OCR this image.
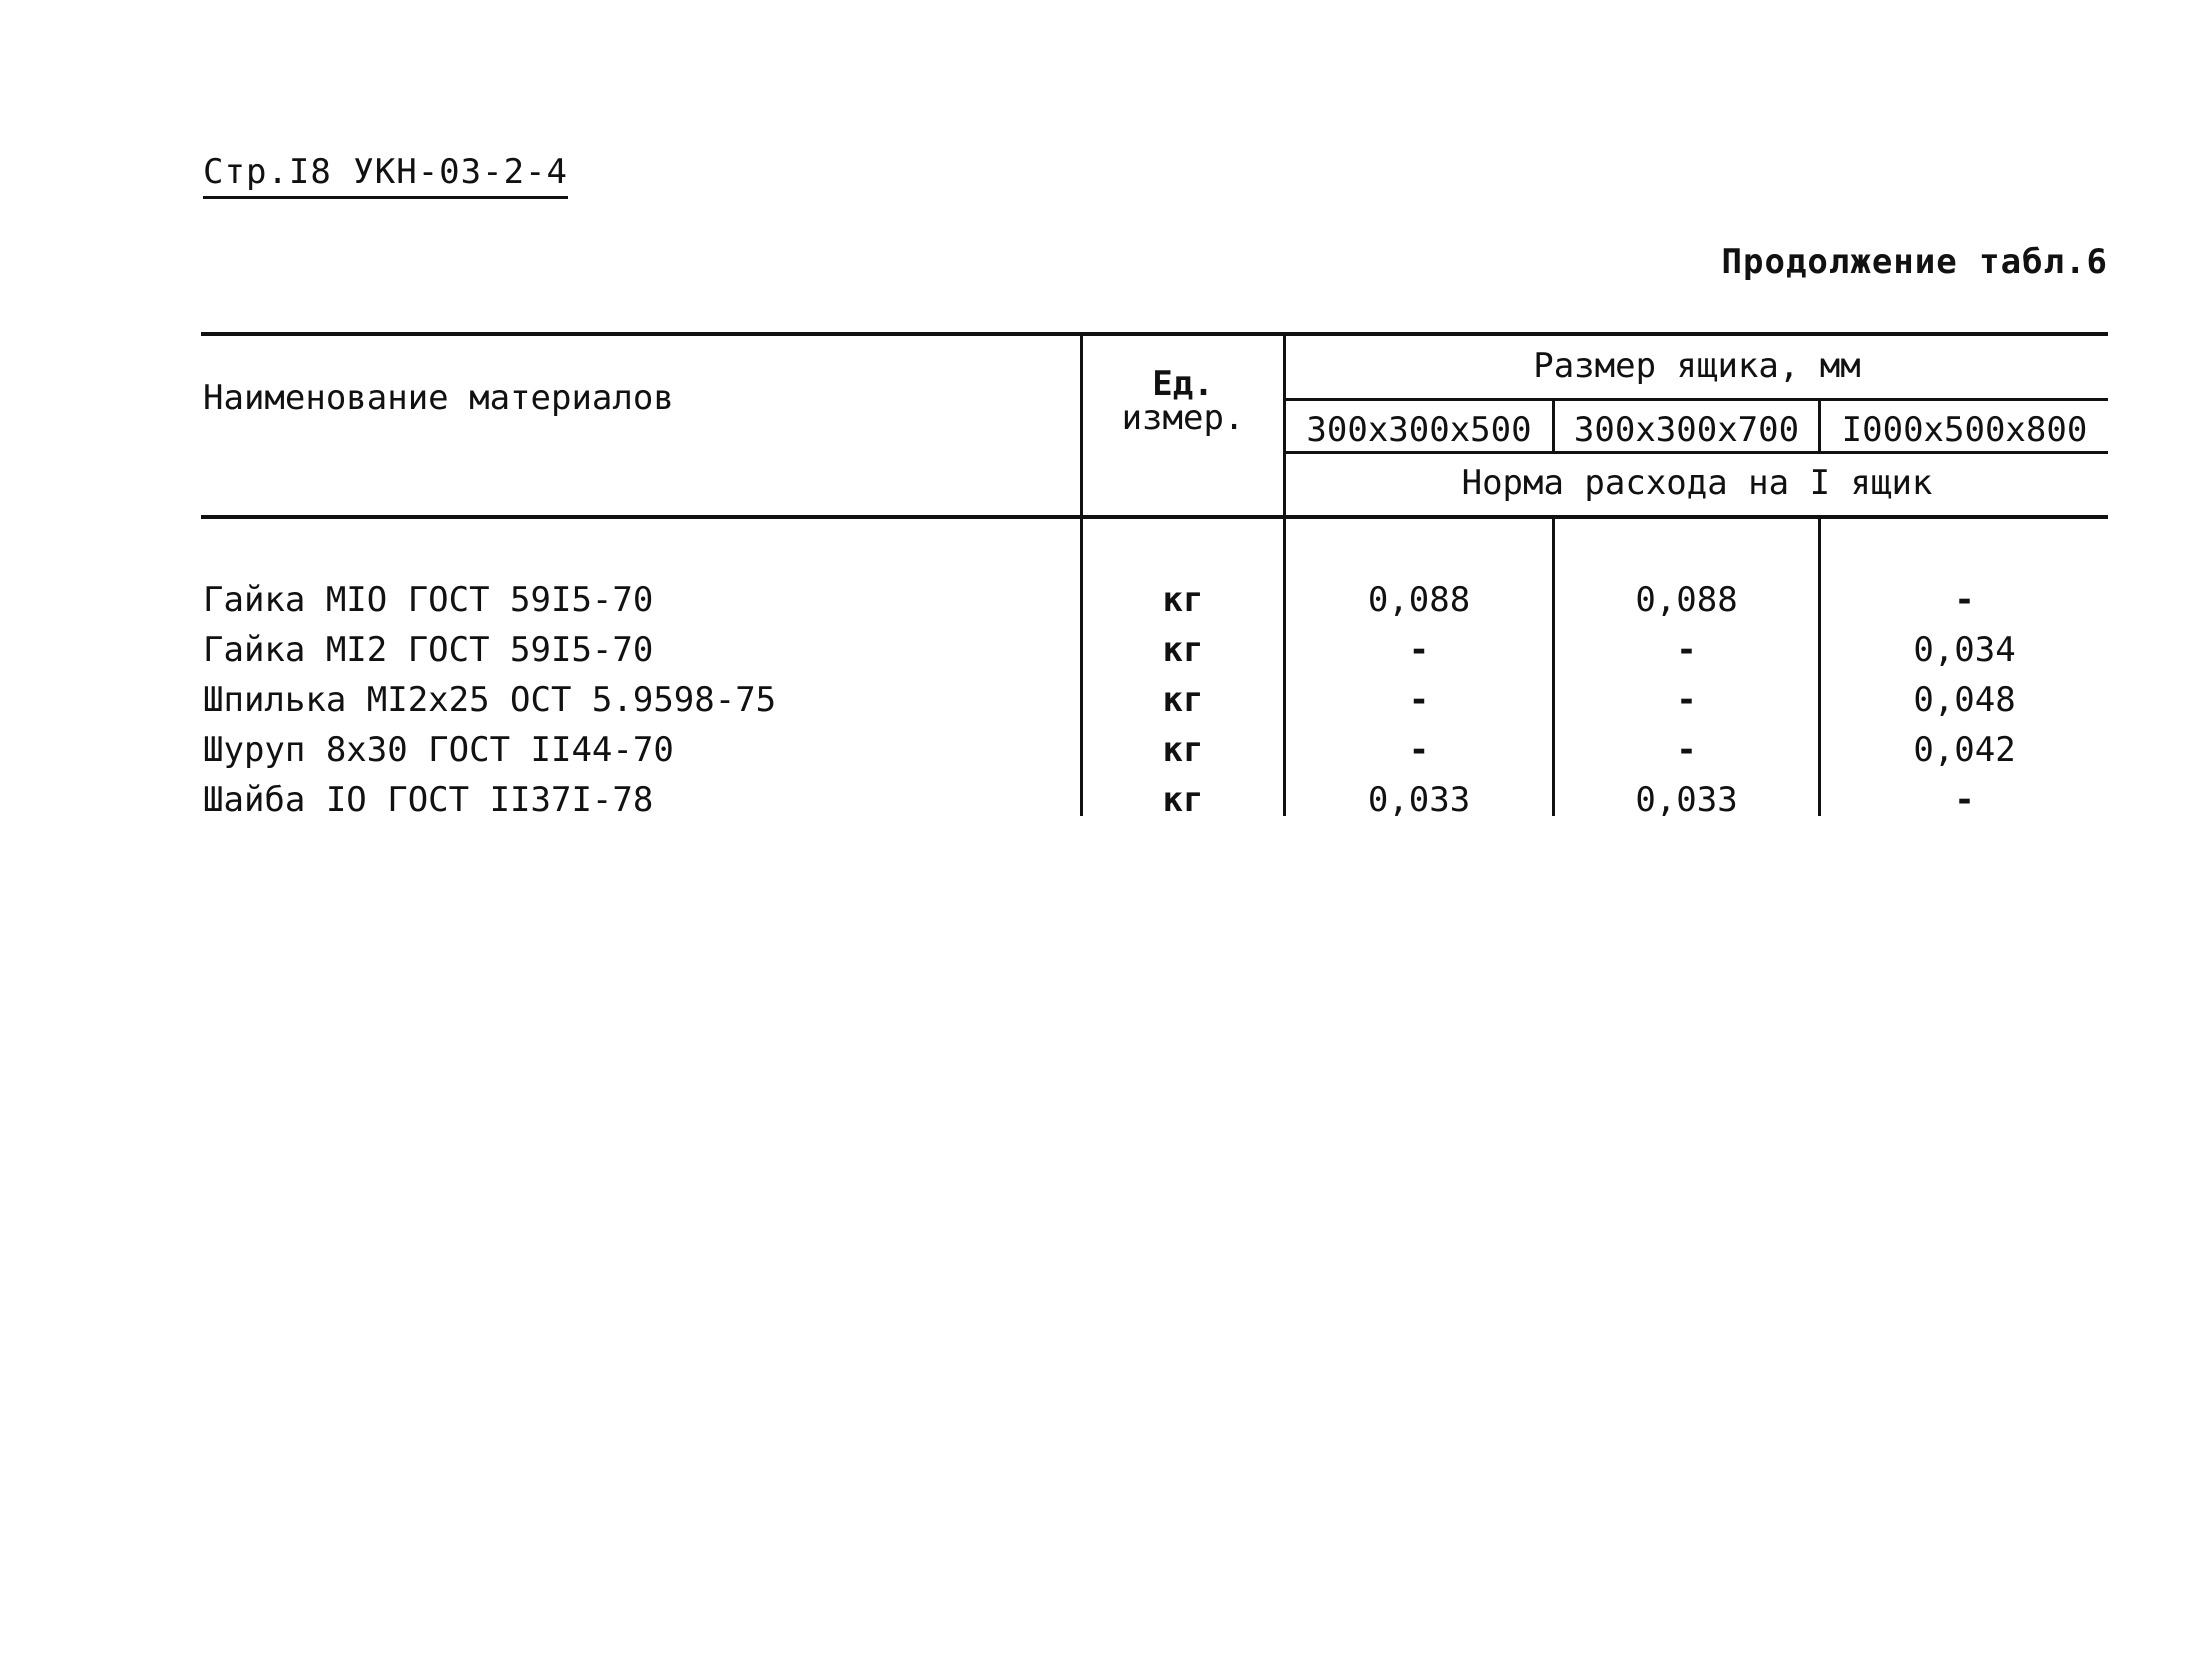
Стр.I8 УКН-03-2-4
Продолжение табл.6
Наименование материалов	Ед.
измер.
Размер ящика, мм
300x300x500	300x300x700	I000x500x800
Норма расхода на I ящик
Гайка MIO ГОСТ 59I5-70	кг	0,088	0,088	-
Гайка MI2 ГОСТ 59I5-70	кг	-	-	0,034
Шпилька MI2x25 ОСТ 5.9598-75	кг	-	-	0,048
Шуруп 8x30 ГОСТ II44-70	кг	-	-	0,042
Шайба IO ГОСТ II37I-78	кг	0,033	0,033	-
